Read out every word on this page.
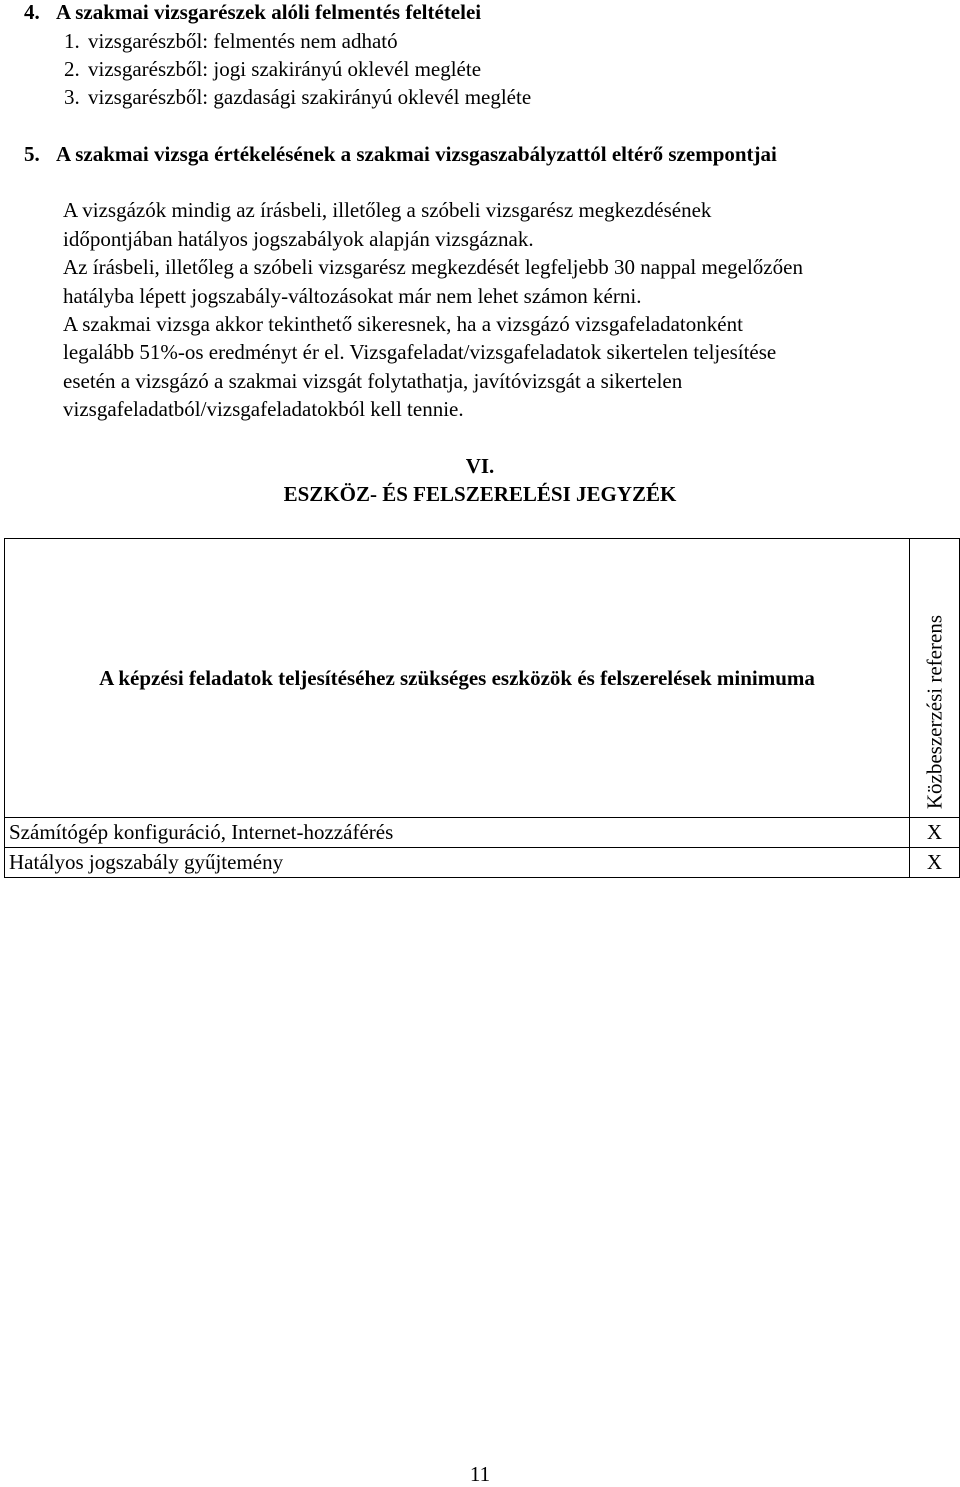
4. A szakmai vizsgarészek alóli felmentés feltételei
1. vizsgarészből: felmentés nem adható
2. vizsgarészből: jogi szakirányú oklevél megléte
3. vizsgarészből: gazdasági szakirányú oklevél megléte
5. A szakmai vizsga értékelésének a szakmai vizsgaszabályzattól eltérő szempontjai
A vizsgázók mindig az írásbeli, illetőleg a szóbeli vizsgarész megkezdésének
időpontjában hatályos jogszabályok alapján vizsgáznak.
Az írásbeli, illetőleg a szóbeli vizsgarész megkezdését legfeljebb 30 nappal megelőzően
hatályba lépett jogszabály-változásokat már nem lehet számon kérni.
A szakmai vizsga akkor tekinthető sikeresnek, ha a vizsgázó vizsgafeladatonként
legalább 51%-os eredményt ér el. Vizsgafeladat/vizsgafeladatok sikertelen teljesítése
esetén a vizsgázó a szakmai vizsgát folytathatja, javítóvizsgát a sikertelen
vizsgafeladatból/vizsgafeladatokból kell tennie.
VI.
ESZKÖZ- ÉS FELSZERELÉSI JEGYZÉK
A képzési feladatok teljesítéséhez szükséges eszközök és felszerelések minimuma	Közbeszerzési referens

Számítógép konfiguráció, Internet-hozzáférés	X
Hatályos jogszabály gyűjtemény	X
11
